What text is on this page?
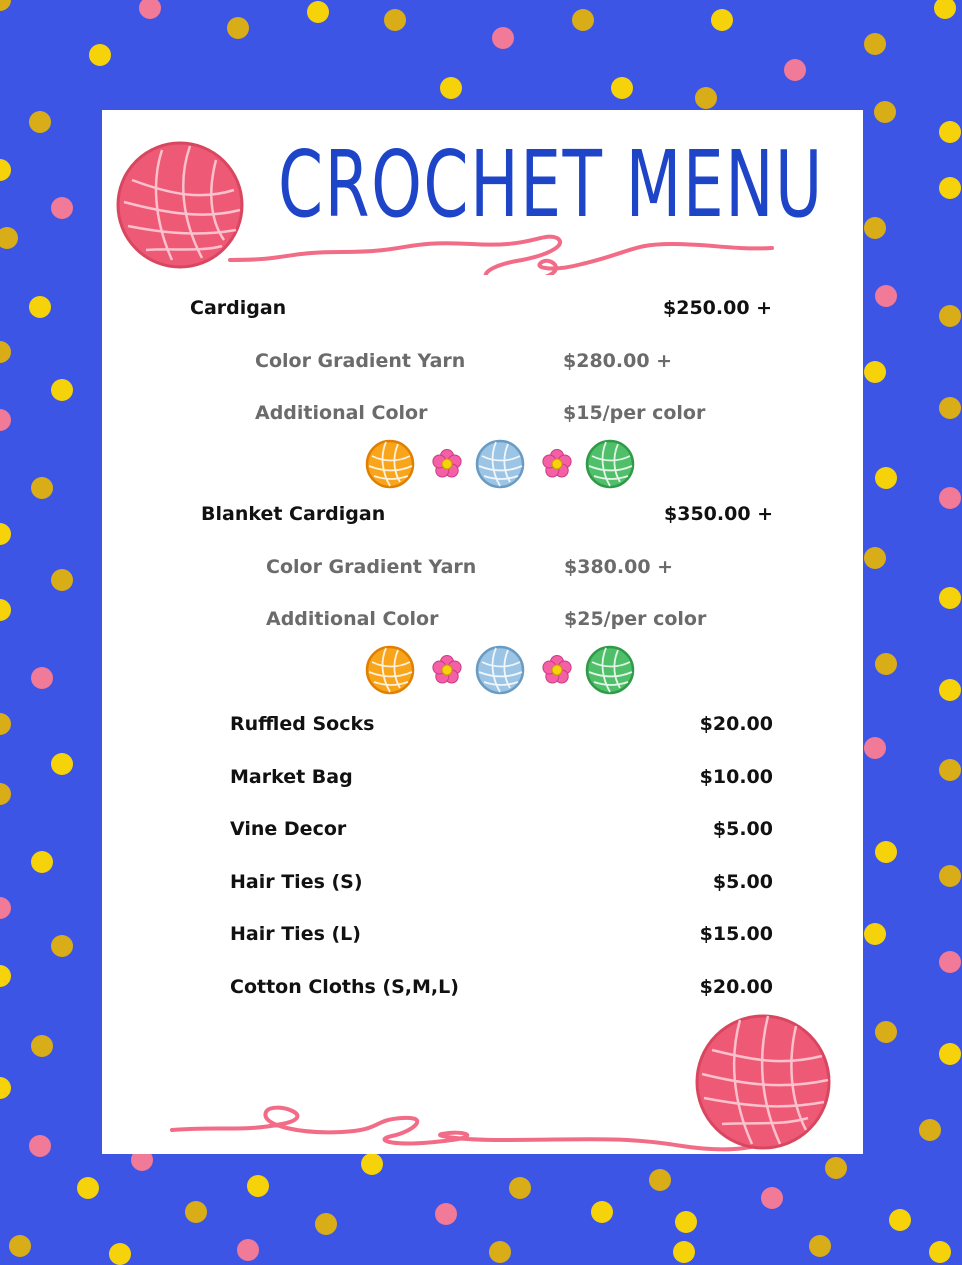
CROCHET MENU
Cardigan	$250.00 +
Color Gradient Yarn	$280.00 +
Additional Color	$15/per color
Blanket Cardigan	$350.00 +
Color Gradient Yarn	$380.00 +
Additional Color	$25/per color
Ruffled Socks	$20.00
Market Bag	$10.00
Vine Decor	$5.00
Hair Ties (S)	$5.00
Hair Ties (L)	$15.00
Cotton Cloths (S,M,L)	$20.00
